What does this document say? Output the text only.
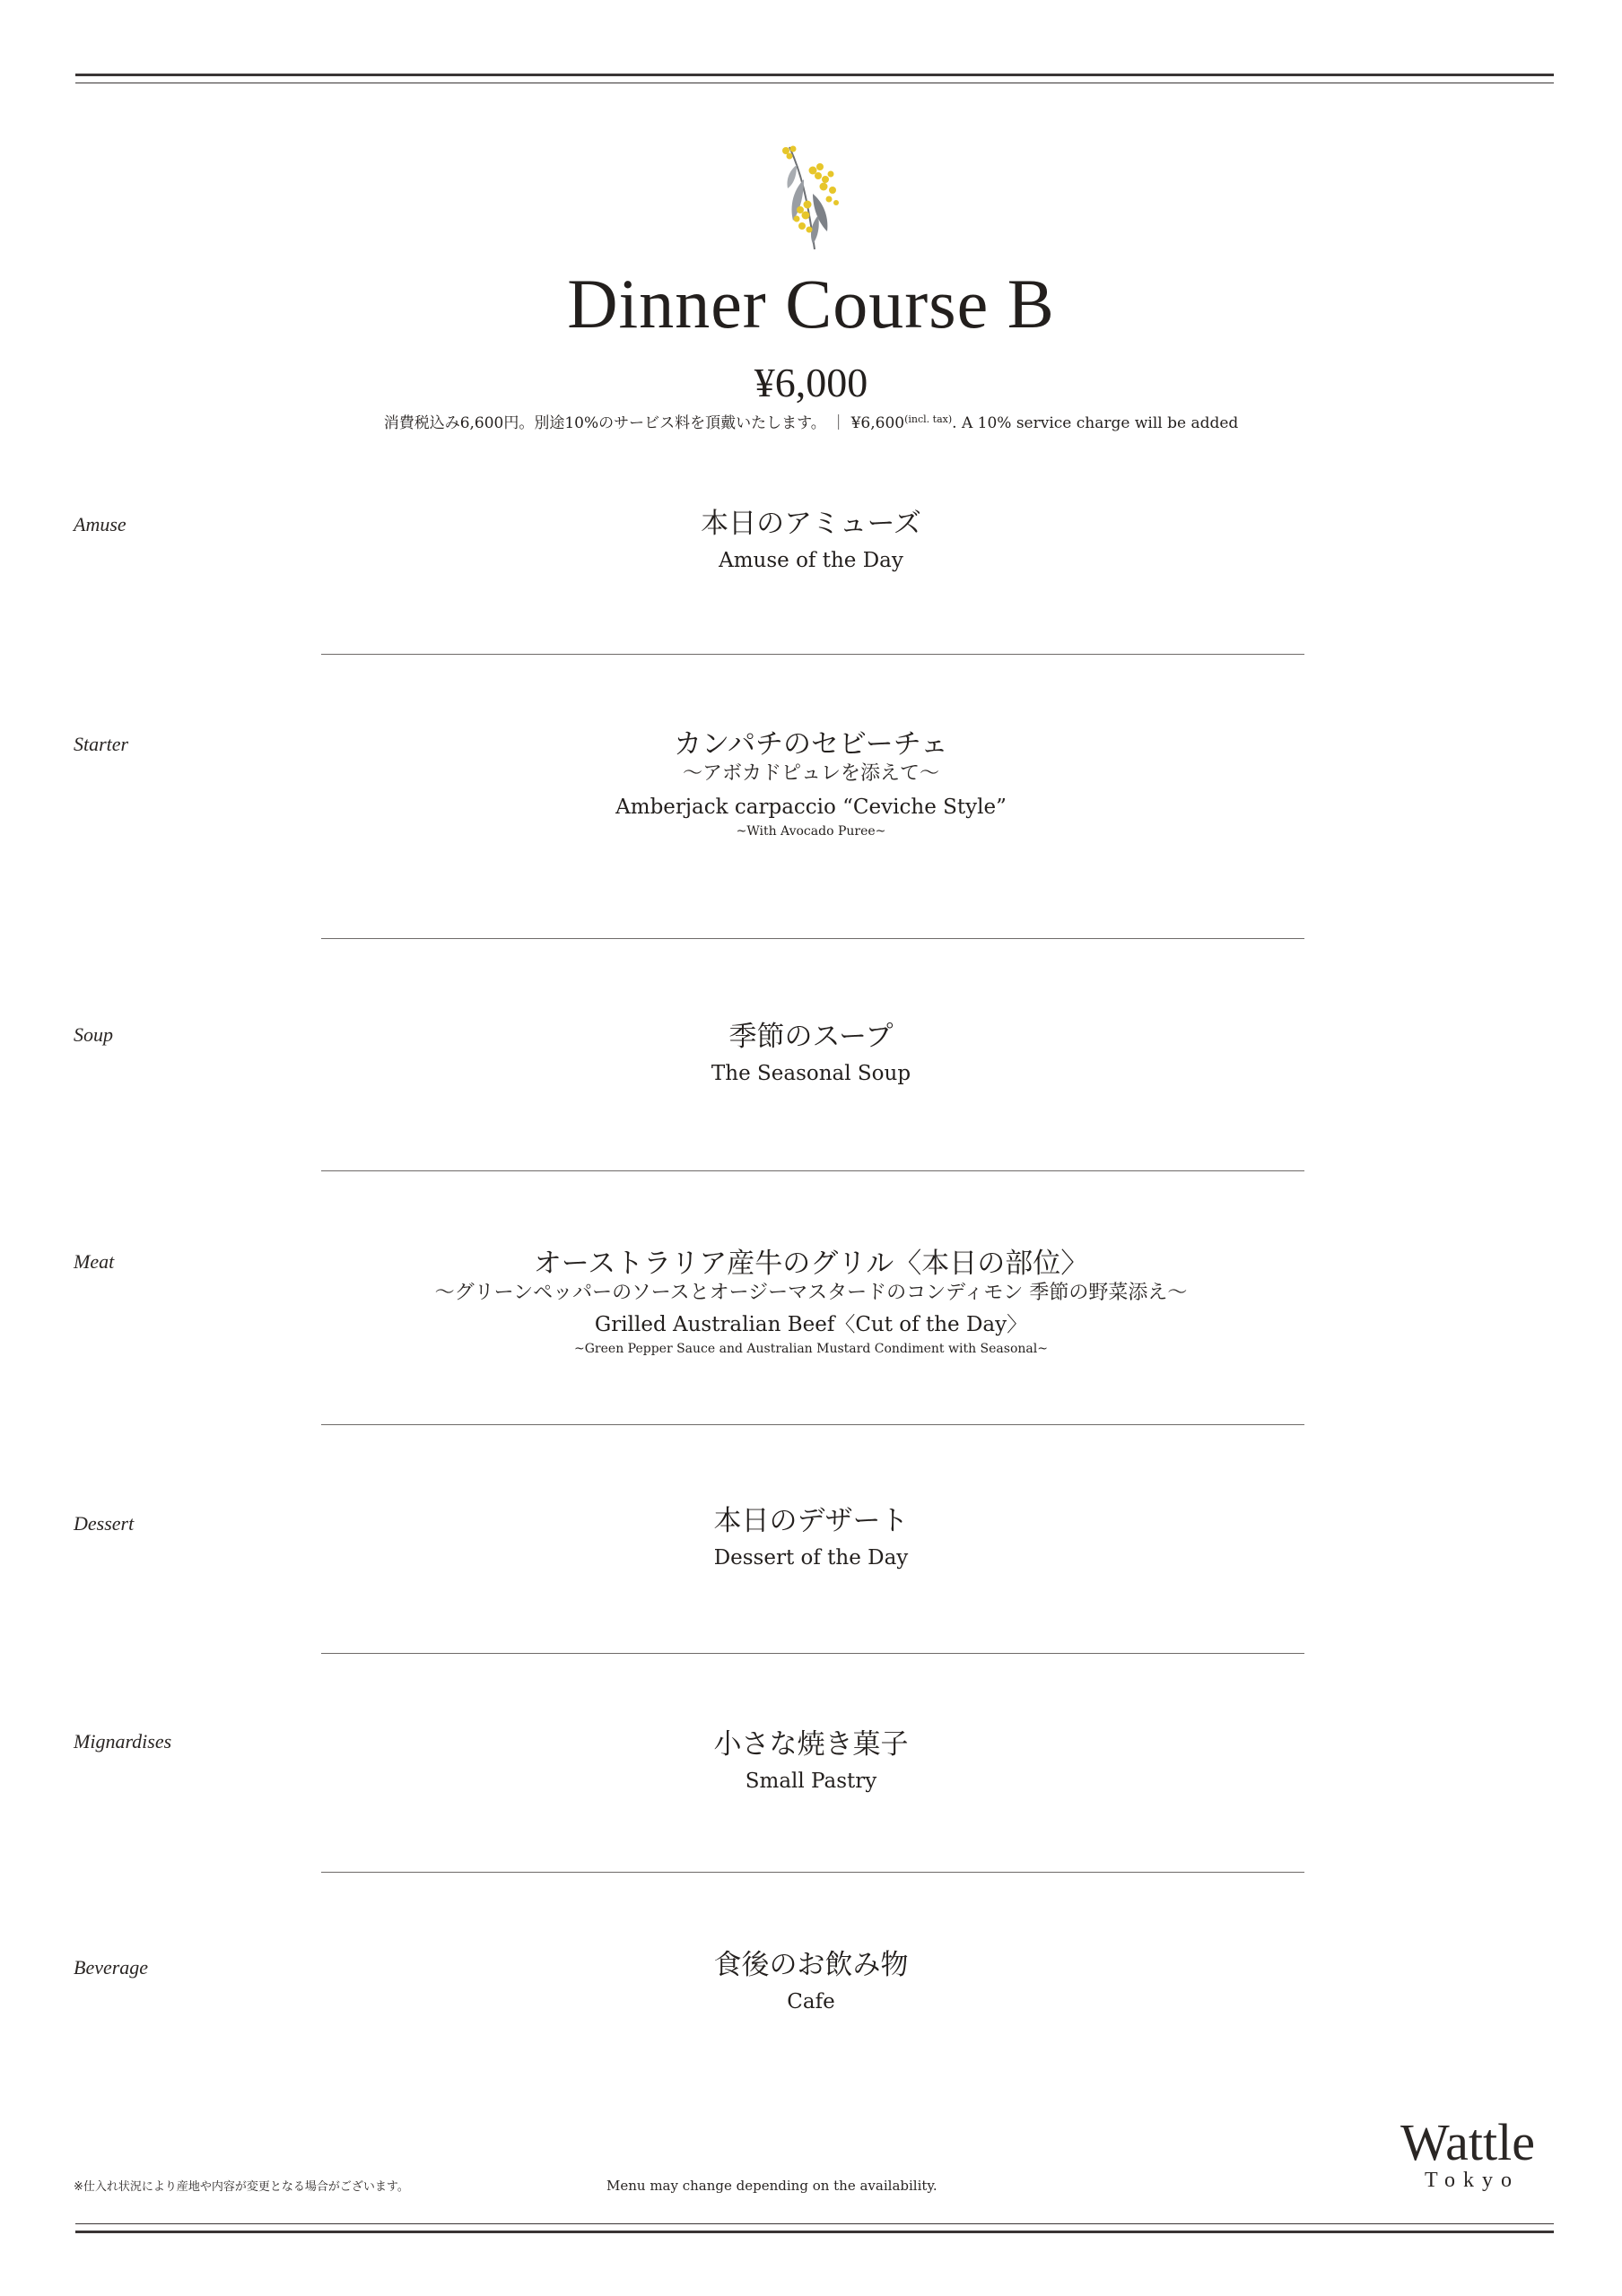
Dinner Course B
¥6,000
消費税込み6,600円。別途10%のサービス料を頂戴いたします。 ｜ $¥6,600^{(incl. tax)}$. A 10% service charge will be added
Amuse	本日のアミューズ
Amuse of the Day
Starter	カンパチのセビーチェ
〜アボカドピュレを添えて〜
Amberjack carpaccio “Ceviche Style”
~With Avocado Puree~
Soup	季節のスープ
The Seasonal Soup
Meat	オーストラリア産牛のグリル〈本日の部位〉
〜グリーンペッパーのソースとオージーマスタードのコンディモン 季節の野菜添え〜
Grilled Australian Beef〈Cut of the Day〉
~Green Pepper Sauce and Australian Mustard Condiment with Seasonal~
Dessert	本日のデザート
Dessert of the Day
Mignardises	小さな焼き菓子
Small Pastry
Beverage	食後のお飲み物
Cafe
※仕入れ状況により産地や内容が変更となる場合がございます。	Menu may change depending on the availability.
Wattle
Tokyo
